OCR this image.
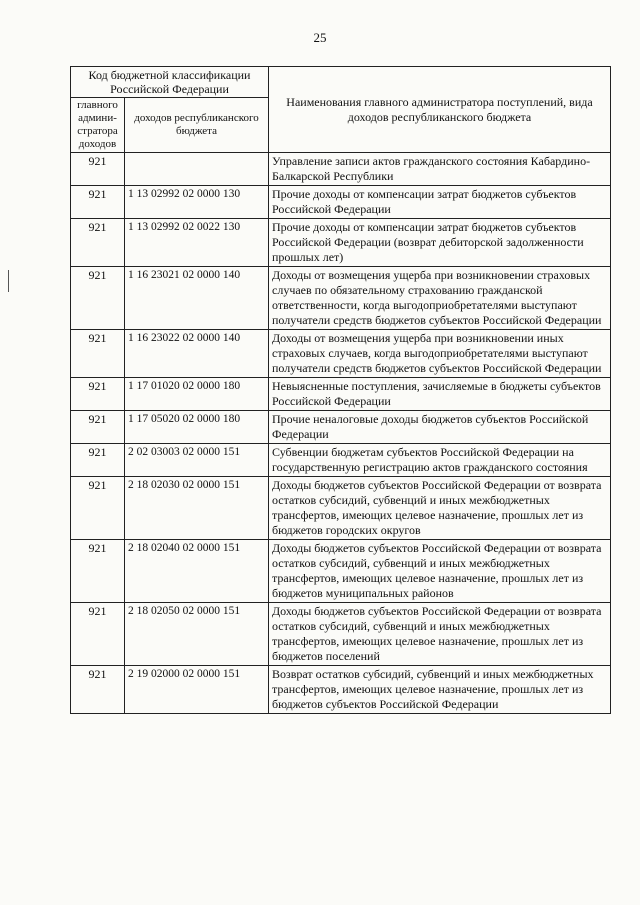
25
Код бюджетной классификации Российской Федерации		Наименования главного администратора поступлений, вида доходов республиканского бюджета
главного админи-стратора доходов	доходов республиканского бюджета	
921		Управление записи актов гражданского состояния Кабардино-Балкарской Республики
921	1 13 02992 02 0000 130	Прочие доходы от компенсации затрат бюджетов субъектов Российской Федерации
921	1 13 02992 02 0022 130	Прочие доходы от компенсации затрат бюджетов субъектов Российской Федерации (возврат дебиторской задолженности прошлых лет)
921	1 16 23021 02 0000 140	Доходы от возмещения ущерба при возникновении страховых случаев по обязательному страхованию гражданской ответственности, когда выгодоприобретателями выступают получатели средств бюджетов субъектов Российской Федерации
921	1 16 23022 02 0000 140	Доходы от возмещения ущерба при возникновении иных страховых случаев, когда выгодоприобретателями выступают получатели средств бюджетов субъектов Российской Федерации
921	1 17 01020 02 0000 180	Невыясненные поступления, зачисляемые в бюджеты субъектов Российской Федерации
921	1 17 05020 02 0000 180	Прочие неналоговые доходы бюджетов субъектов Российской Федерации
921	2 02 03003 02 0000 151	Субвенции бюджетам субъектов Российской Федерации на государственную регистрацию актов гражданского состояния
921	2 18 02030 02 0000 151	Доходы бюджетов субъектов Российской Федерации от возврата остатков субсидий, субвенций и иных межбюджетных трансфертов, имеющих целевое назначение, прошлых лет из бюджетов городских округов
921	2 18 02040 02 0000 151	Доходы бюджетов субъектов Российской Федерации от возврата остатков субсидий, субвенций и иных межбюджетных трансфертов, имеющих целевое назначение, прошлых лет из бюджетов муниципальных районов
921	2 18 02050 02 0000 151	Доходы бюджетов субъектов Российской Федерации от возврата остатков субсидий, субвенций и иных межбюджетных трансфертов, имеющих целевое назначение, прошлых лет из бюджетов поселений
921	2 19 02000 02 0000 151	Возврат остатков субсидий, субвенций и иных межбюджетных трансфертов, имеющих целевое назначение, прошлых лет из бюджетов субъектов Российской Федерации
